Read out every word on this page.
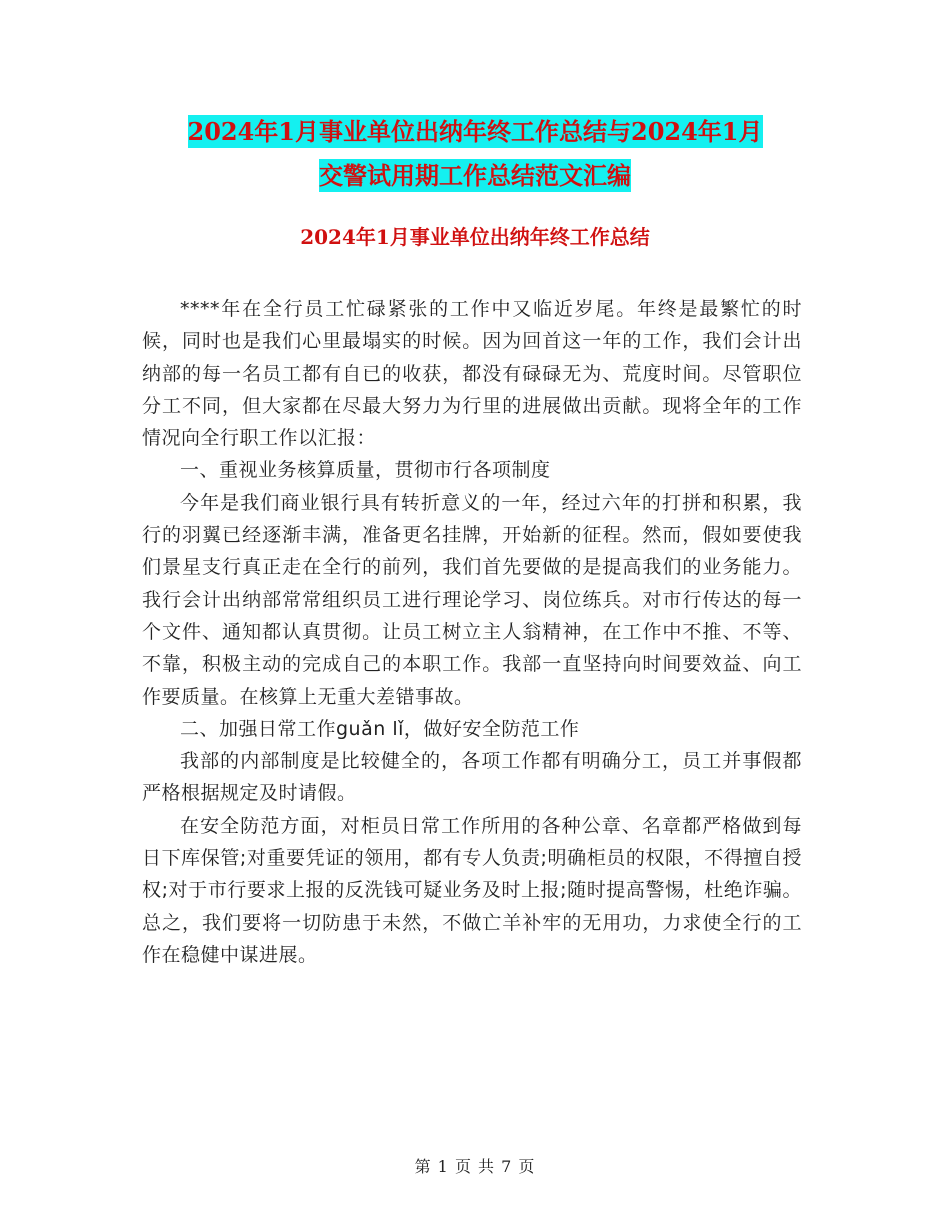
2024年1月事业单位出纳年终工作总结与2024年1月
交警试用期工作总结范文汇编
2024年1月事业单位出纳年终工作总结

****年在全行员工忙碌紧张的工作中又临近岁尾。年终是最繁忙的时候，同时也是我们心里最塌实的时候。因为回首这一年的工作，我们会计出纳部的每一名员工都有自已的收获，都没有碌碌无为、荒度时间。尽管职位分工不同，但大家都在尽最大努力为行里的进展做出贡献。现将全年的工作情况向全行职工作以汇报：

一、重视业务核算质量，贯彻市行各项制度

今年是我们商业银行具有转折意义的一年，经过六年的打拼和积累，我行的羽翼已经逐渐丰满，准备更名挂牌，开始新的征程。然而，假如要使我们景星支行真正走在全行的前列，我们首先要做的是提高我们的业务能力。我行会计出纳部常常组织员工进行理论学习、岗位练兵。对市行传达的每一个文件、通知都认真贯彻。让员工树立主人翁精神，在工作中不推、不等、不靠，积极主动的完成自己的本职工作。我部一直坚持向时间要效益、向工作要质量。在核算上无重大差错事故。

二、加强日常工作guǎn lǐ，做好安全防范工作

我部的内部制度是比较健全的，各项工作都有明确分工，员工并事假都严格根据规定及时请假。

在安全防范方面，对柜员日常工作所用的各种公章、名章都严格做到每日下库保管;对重要凭证的领用，都有专人负责;明确柜员的权限，不得擅自授权;对于市行要求上报的反洗钱可疑业务及时上报;随时提高警惕，杜绝诈骗。总之，我们要将一切防患于未然，不做亡羊补牢的无用功，力求使全行的工作在稳健中谋进展。

第 1 页 共 7 页
